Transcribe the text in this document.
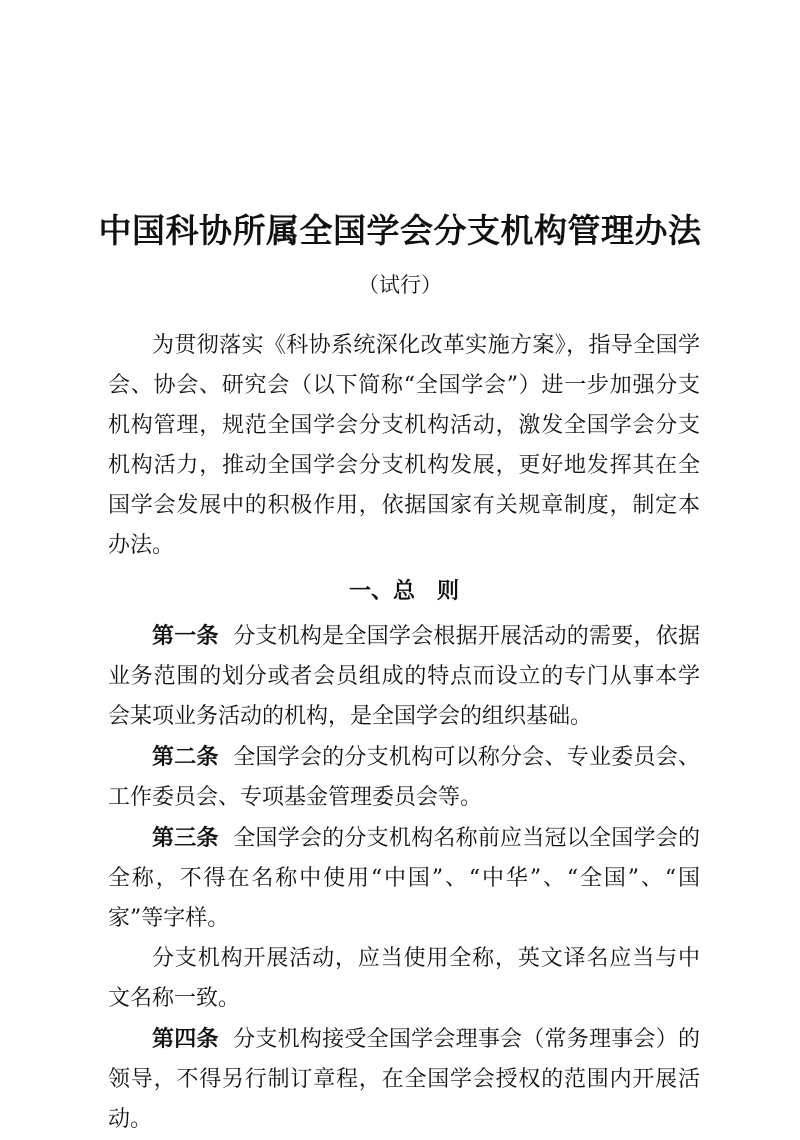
中国科协所属全国学会分支机构管理办法
（试行）

为贯彻落实《科协系统深化改革实施方案》，指导全国学会、协会、研究会（以下简称“全国学会”）进一步加强分支机构管理，规范全国学会分支机构活动，激发全国学会分支机构活力，推动全国学会分支机构发展，更好地发挥其在全国学会发展中的积极作用，依据国家有关规章制度，制定本办法。

一、总　则

第一条 分支机构是全国学会根据开展活动的需要，依据业务范围的划分或者会员组成的特点而设立的专门从事本学会某项业务活动的机构，是全国学会的组织基础。

第二条 全国学会的分支机构可以称分会、专业委员会、工作委员会、专项基金管理委员会等。

第三条 全国学会的分支机构名称前应当冠以全国学会的全称，不得在名称中使用“中国”、“中华”、“全国”、“国家”等字样。

分支机构开展活动，应当使用全称，英文译名应当与中文名称一致。

第四条 分支机构接受全国学会理事会（常务理事会）的领导，不得另行制订章程，在全国学会授权的范围内开展活动。
